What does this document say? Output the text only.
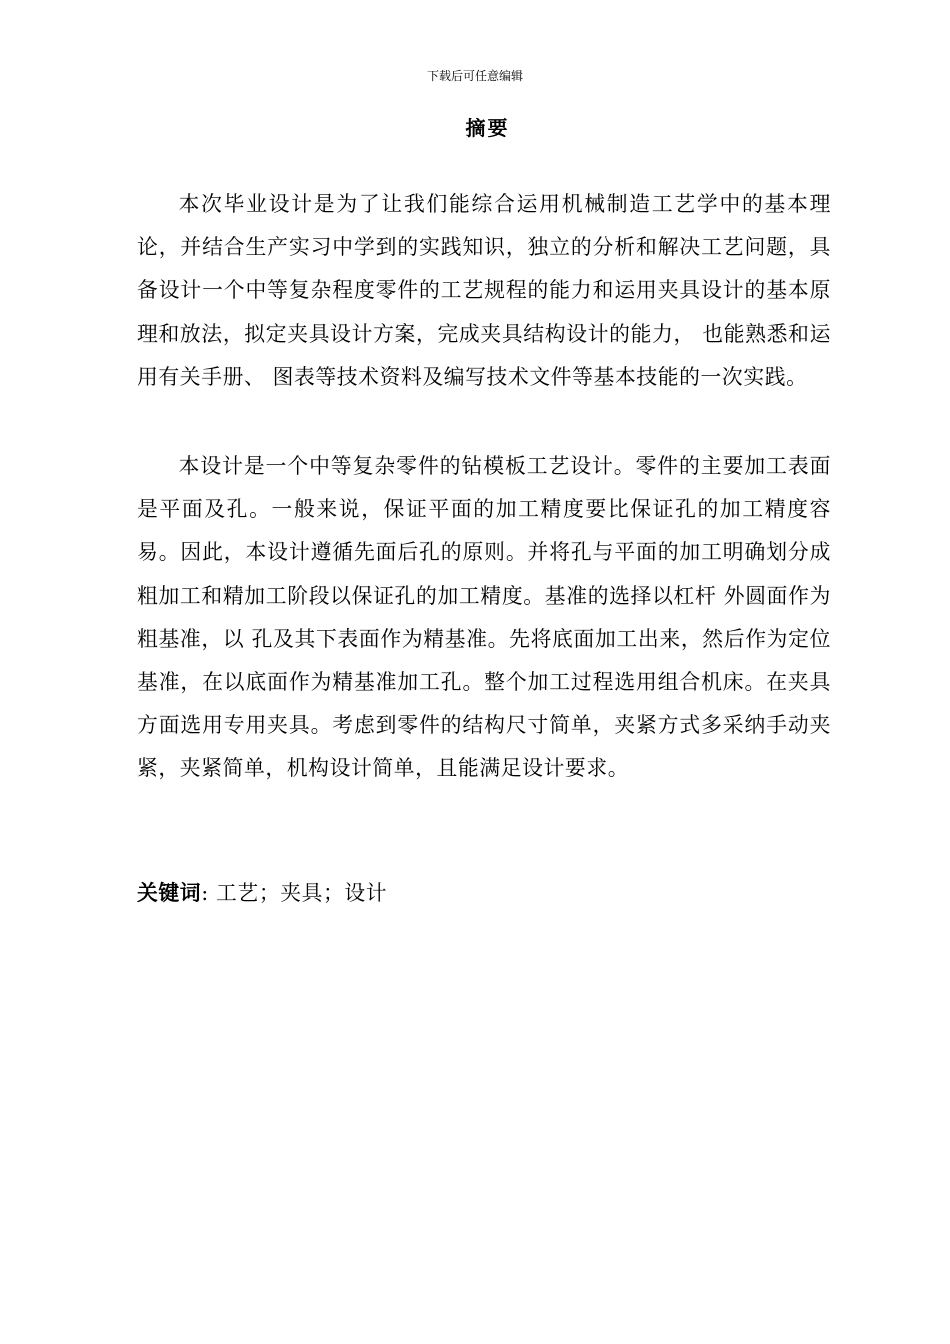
下载后可任意编辑
摘要

本次毕业设计是为了让我们能综合运用机械制造工艺学中的基本理论，并结合生产实习中学到的实践知识，独立的分析和解决工艺问题，具备设计一个中等复杂程度零件的工艺规程的能力和运用夹具设计的基本原理和放法，拟定夹具设计方案，完成夹具结构设计的能力， 也能熟悉和运用有关手册、 图表等技术资料及编写技术文件等基本技能的一次实践。

本设计是一个中等复杂零件的钻模板工艺设计。零件的主要加工表面是平面及孔。一般来说，保证平面的加工精度要比保证孔的加工精度容易。因此，本设计遵循先面后孔的原则。并将孔与平面的加工明确划分成粗加工和精加工阶段以保证孔的加工精度。基准的选择以杠杆 外圆面作为粗基准，以 孔及其下表面作为精基准。先将底面加工出来，然后作为定位基准，在以底面作为精基准加工孔。整个加工过程选用组合机床。在夹具方面选用专用夹具。考虑到零件的结构尺寸简单，夹紧方式多采纳手动夹紧，夹紧简单，机构设计简单，且能满足设计要求。

关键词: 工艺；夹具；设计
